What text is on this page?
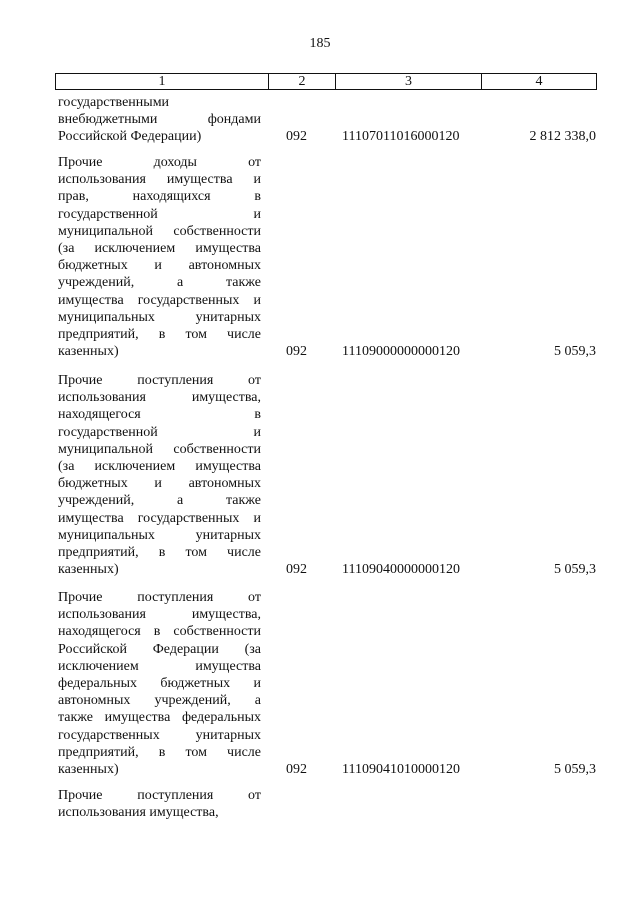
185
1	2	3	4
государственными
внебюджетными фондами
Российской Федерации)	092	11107011016000120	2 812 338,0
Прочие доходы от
использования имущества и
прав, находящихся в
государственной и
муниципальной собственности
(за исключением имущества
бюджетных и автономных
учреждений, а также
имущества государственных и
муниципальных унитарных
предприятий, в том числе
казенных)	092	11109000000000120	5 059,3
Прочие поступления от
использования имущества,
находящегося в
государственной и
муниципальной собственности
(за исключением имущества
бюджетных и автономных
учреждений, а также
имущества государственных и
муниципальных унитарных
предприятий, в том числе
казенных)	092	11109040000000120	5 059,3
Прочие поступления от
использования имущества,
находящегося в собственности
Российской Федерации (за
исключением имущества
федеральных бюджетных и
автономных учреждений, а
также имущества федеральных
государственных унитарных
предприятий, в том числе
казенных)	092	11109041010000120	5 059,3
Прочие поступления от
использования имущества,
